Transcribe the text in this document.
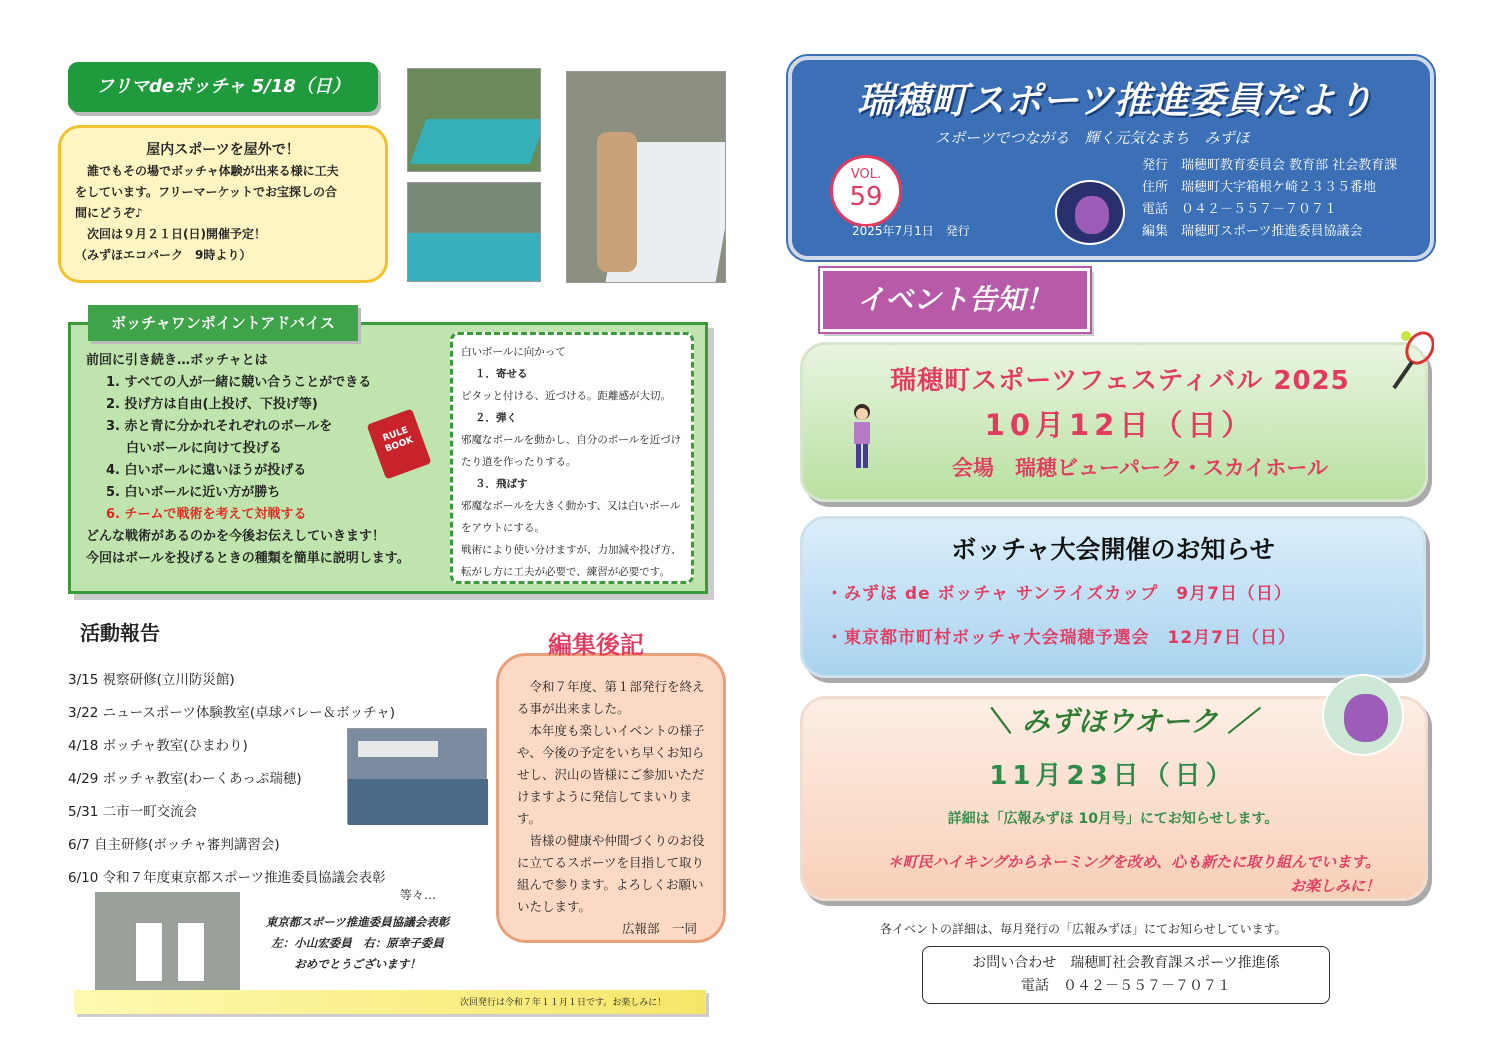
フリマdeボッチャ 5/18（日）
屋内スポーツを屋外で！
誰でもその場でボッチャ体験が出来る様に工夫
をしています。フリーマーケットでお宝探しの合
間にどうぞ♪
次回は９月２１日(日)開催予定！
（みずほエコパーク　9時より）
ボッチャワンポイントアドバイス
前回に引き続き…ボッチャとは
1. すべての人が一緒に競い合うことができる
2. 投げ方は自由(上投げ、下投げ等)
3. 赤と青に分かれそれぞれのボールを
白いボールに向けて投げる
4. 白いボールに遠いほうが投げる
5. 白いボールに近い方が勝ち
6. チームで戦術を考えて対戦する
どんな戦術があるのかを今後お伝えしていきます！
今回はボールを投げるときの種類を簡単に説明します。
RULE BOOK
白いボールに向かって
１．寄せる
ピタッと付ける、近づける。距離感が大切。
２．弾く
邪魔なボールを動かし、自分のボールを近づけ
たり道を作ったりする。
３．飛ばす
邪魔なボールを大きく動かす、又は白いボール
をアウトにする。
戦術により使い分けますが、力加減や投げ方、
転がし方に工夫が必要で、練習が必要です。
活動報告
3/15 視察研修(立川防災館)
3/22 ニュースポーツ体験教室(卓球バレー＆ボッチャ)
4/18 ボッチャ教室(ひまわり)
4/29 ボッチャ教室(わーくあっぷ瑞穂)
5/31 二市一町交流会
6/7 自主研修(ボッチャ審判講習会)
6/10 令和７年度東京都スポーツ推進委員協議会表彰
等々…
東京都スポーツ推進委員協議会表彰
左：小山宏委員　右：原幸子委員
おめでとうございます！
次回発行は令和７年１１月１日です。お楽しみに！
令和７年度、第１部発行を終える事が出来ました。
本年度も楽しいイベントの様子や、今後の予定をいち早くお知らせし、沢山の皆様にご参加いただけますように発信してまいります。
皆様の健康や仲間づくりのお役に立てるスポーツを目指して取り組んで参ります。よろしくお願いいたします。
広報部　一同
編集後記
瑞穂町スポーツ推進委員だより
スポーツでつながる　輝く元気なまち　みずほ
VOL.
59
2025年7月1日　発行
発行　瑞穂町教育委員会 教育部 社会教育課
住所　瑞穂町大字箱根ケ崎２３３５番地
電話　０４２－５５７－７０７１
編集　瑞穂町スポーツ推進委員協議会
イベント告知！
瑞穂町スポーツフェスティバル 2025
10月12日（日）
会場　瑞穂ビューパーク・スカイホール
ボッチャ大会開催のお知らせ
・みずほ de ボッチャ サンライズカップ　9月7日（日）
・東京都市町村ボッチャ大会瑞穂予選会　12月7日（日）
＼ みずほウオーク ／
11月23日（日）
詳細は「広報みずほ 10月号」にてお知らせします。
＊町民ハイキングからネーミングを改め、心も新たに取り組んでいます。
お楽しみに！
各イベントの詳細は、毎月発行の「広報みずほ」にてお知らせしています。
お問い合わせ　瑞穂町社会教育課スポーツ推進係
電話　０４２－５５７－７０７１
